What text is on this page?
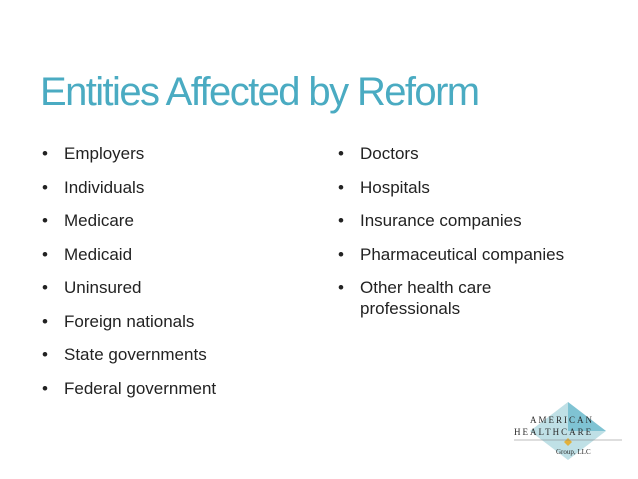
Entities Affected by Reform
• Employers
• Individuals
• Medicare
• Medicaid
• Uninsured
• Foreign nationals
• State governments
• Federal government
• Doctors
• Hospitals
• Insurance companies
• Pharmaceutical companies
• Other health care professionals
AMERICAN
HEALTHCARE
Group, LLC
